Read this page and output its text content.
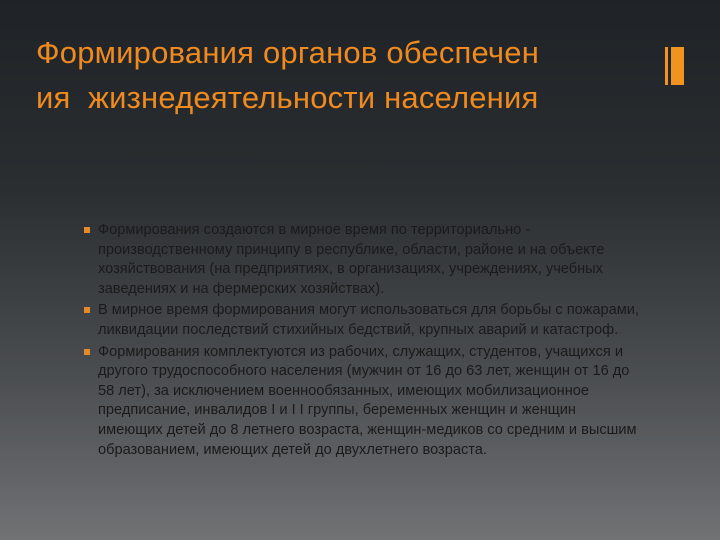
Формирования органов обеспечен
ия  жизнедеятельности населения
Формирования создаются в мирное время по территориально - производственному принципу в республике, области, районе и на объекте хозяйствования (на предприятиях, в организациях, учреждениях, учебных заведениях и на фермерских хозяйствах).
В мирное время формирования могут использоваться для борьбы с пожарами, ликвидации последствий стихийных бедствий, крупных аварий и катастроф.
Формирования комплектуются из рабочих, служащих, студентов, учащихся и другого трудоспособного населения (мужчин от 16 до 63 лет, женщин от 16 до 58 лет), за исключением военнообязанных, имеющих мобилизационное предписание, инвалидов I и I I группы, беременных женщин и женщин имеющих детей до 8 летнего возраста, женщин-медиков со средним и высшим образованием, имеющих детей до двухлетнего возраста.
